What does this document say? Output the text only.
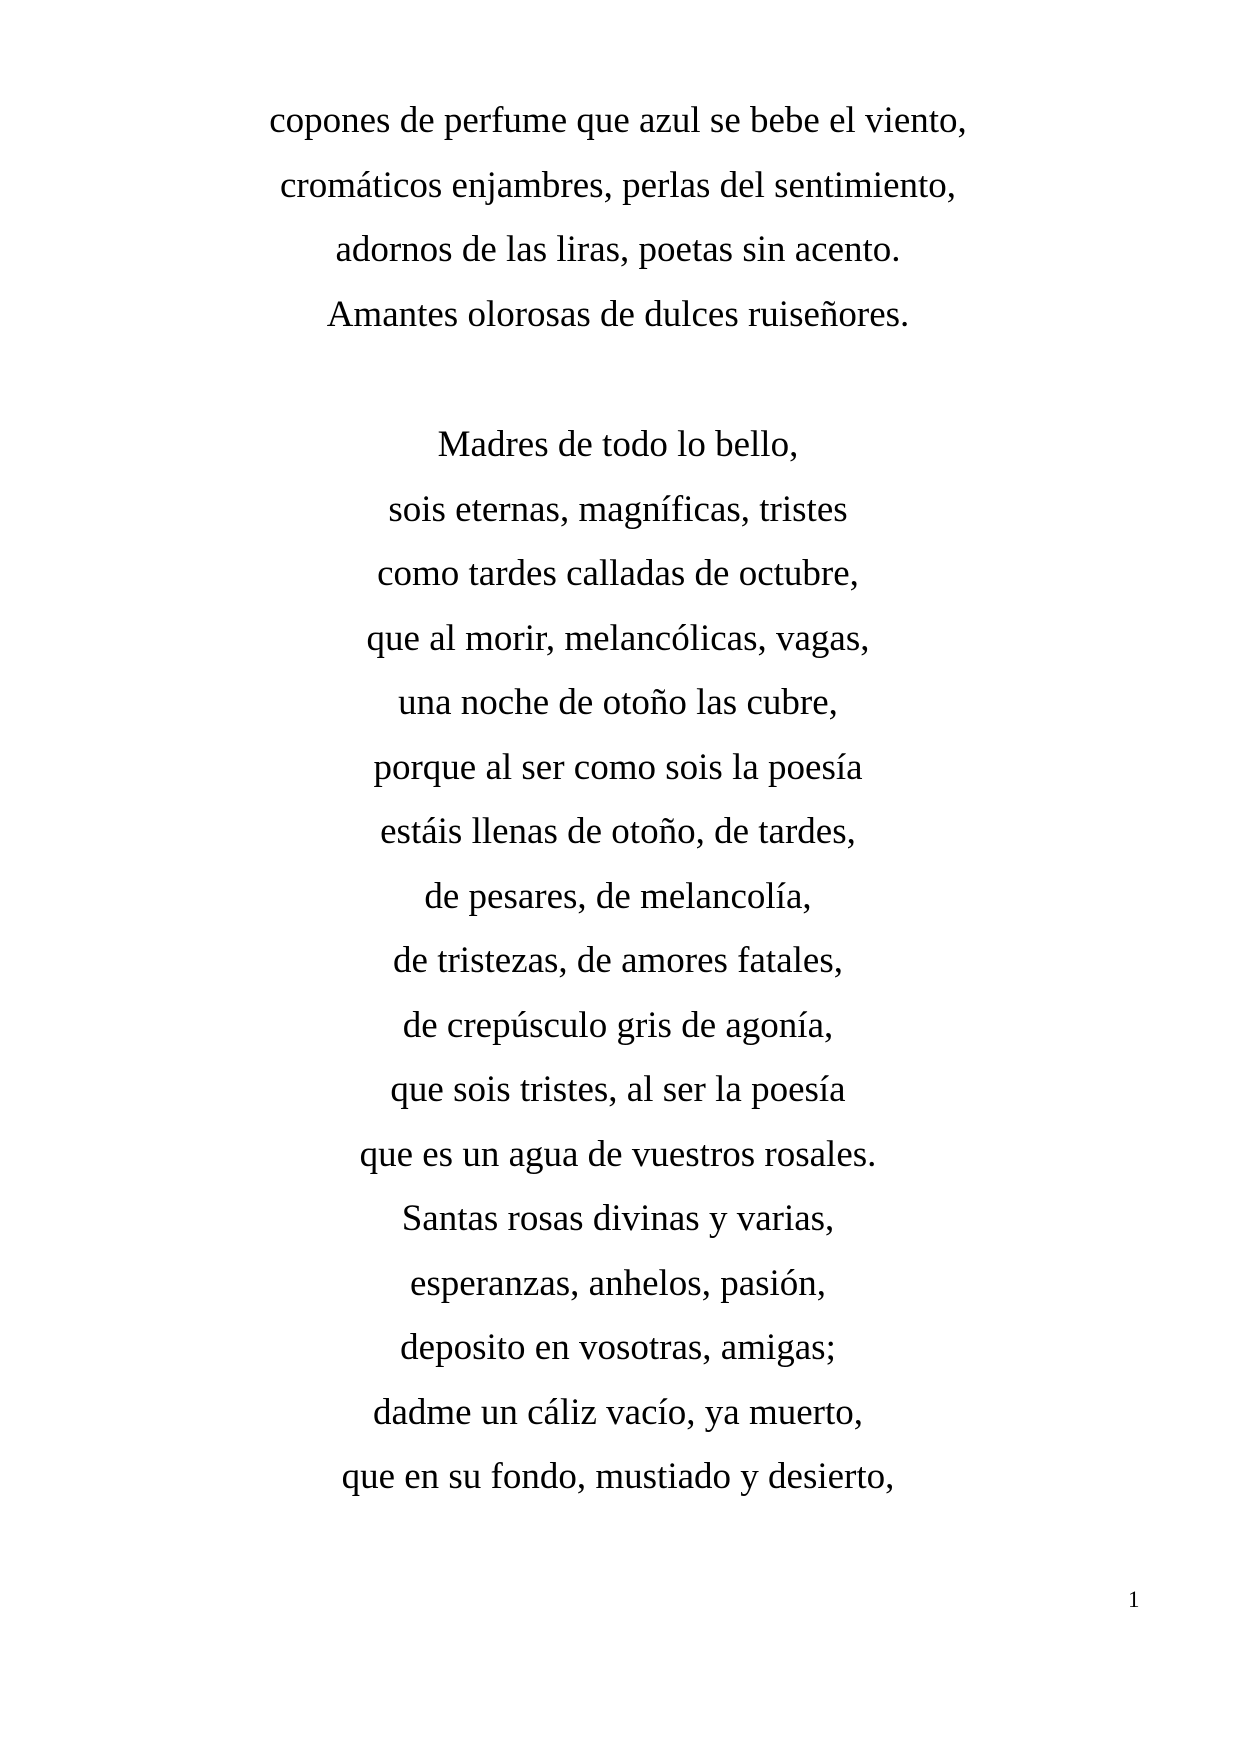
copones de perfume que azul se bebe el viento,
cromáticos enjambres, perlas del sentimiento,
adornos de las liras, poetas sin acento.
Amantes olorosas de dulces ruiseñores.
Madres de todo lo bello,
sois eternas, magníficas, tristes
como tardes calladas de octubre,
que al morir, melancólicas, vagas,
una noche de otoño las cubre,
porque al ser como sois la poesía
estáis llenas de otoño, de tardes,
de pesares, de melancolía,
de tristezas, de amores fatales,
de crepúsculo gris de agonía,
que sois tristes, al ser la poesía
que es un agua de vuestros rosales.
Santas rosas divinas y varias,
esperanzas, anhelos, pasión,
deposito en vosotras, amigas;
dadme un cáliz vacío, ya muerto,
que en su fondo, mustiado y desierto,
1
